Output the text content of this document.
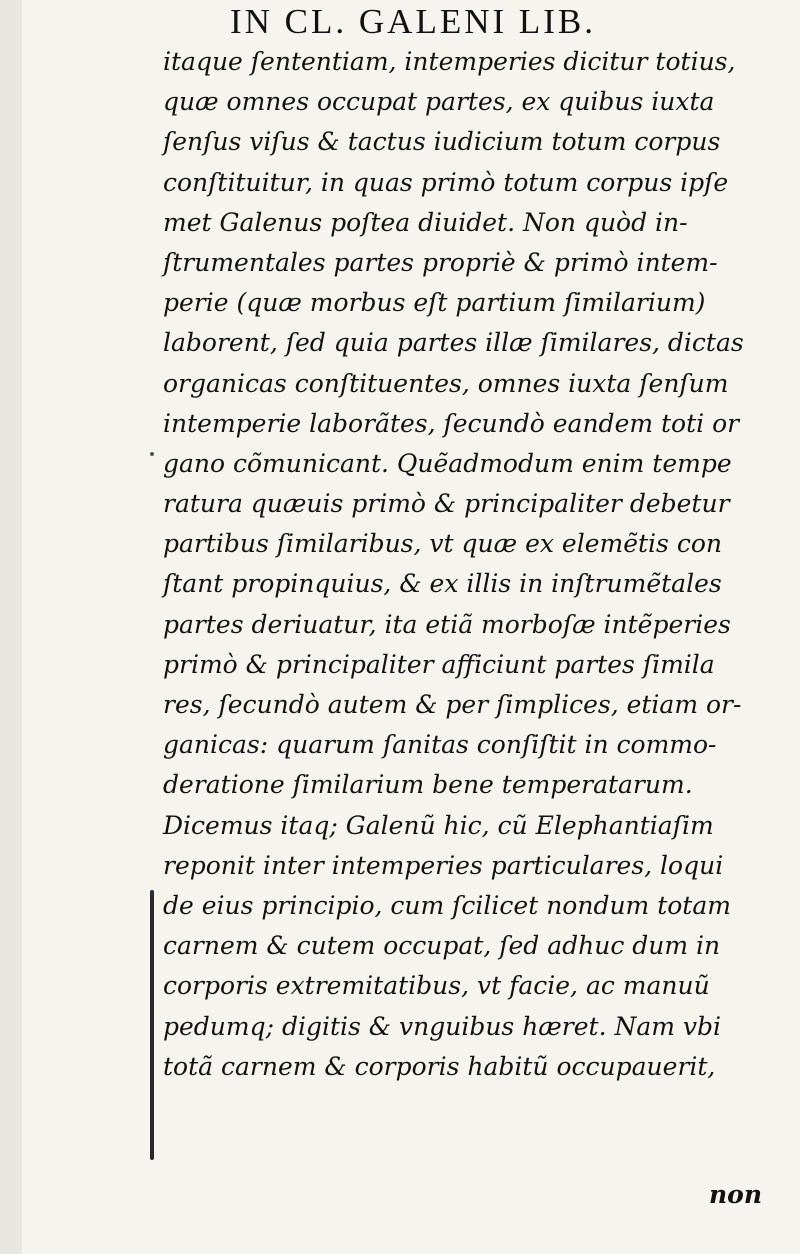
IN CL. GALENI LIB.
itaque ſententiam, intemperies dicitur totius,
quæ omnes occupat partes, ex quibus iuxta
ſenſus viſus & tactus iudicium totum corpus
conſtituitur, in quas primò totum corpus ipſe
met Galenus poſtea diuidet. Non quòd in-
ſtrumentales partes propriè & primò intem-
perie (quæ morbus eſt partium ſimilarium)
laborent, ſed quia partes illæ ſimilares, dictas
organicas conſtituentes, omnes iuxta ſenſum
intemperie laborãtes, ſecundò eandem toti or
gano cõmunicant. Quẽadmodum enim tempe
ratura quæuis primò & principaliter debetur
partibus ſimilaribus, vt quæ ex elemẽtis con
ſtant propinquius, & ex illis in inſtrumẽtales
partes deriuatur, ita etiã morboſæ intẽperies
primò & principaliter afficiunt partes ſimila
res, ſecundò autem & per ſimplices, etiam or-
ganicas: quarum ſanitas conſiſtit in commo-
deratione ſimilarium bene temperatarum.
Dicemus itaq; Galenũ hic, cũ Elephantiaſim
reponit inter intemperies particulares, loqui
de eius principio, cum ſcilicet nondum totam
carnem & cutem occupat, ſed adhuc dum in
corporis extremitatibus, vt facie, ac manuũ
pedumq; digitis & vnguibus hæret. Nam vbi
totã carnem & corporis habitũ occupauerit,
non
